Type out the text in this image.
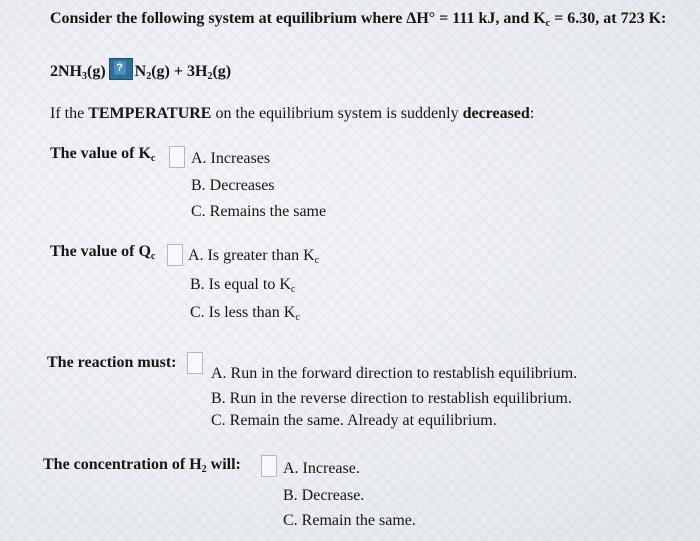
Consider the following system at equilibrium where ΔH° = 111 kJ, and $K_c = 6.30$, at 723 K:
$2NH_3(g)$ ? $N_2(g) + 3H_2(g)$
If the TEMPERATURE on the equilibrium system is suddenly decreased:
The value of $K_c$ A. Increases
B. Decreases
C. Remains the same
The value of $Q_c$ A. Is greater than $K_c$
B. Is equal to $K_c$
C. Is less than $K_c$
The reaction must:
A. Run in the forward direction to restablish equilibrium.
B. Run in the reverse direction to restablish equilibrium.
C. Remain the same. Already at equilibrium.
The concentration of $H_2$ will:	A. Increase.
B. Decrease.
C. Remain the same.
